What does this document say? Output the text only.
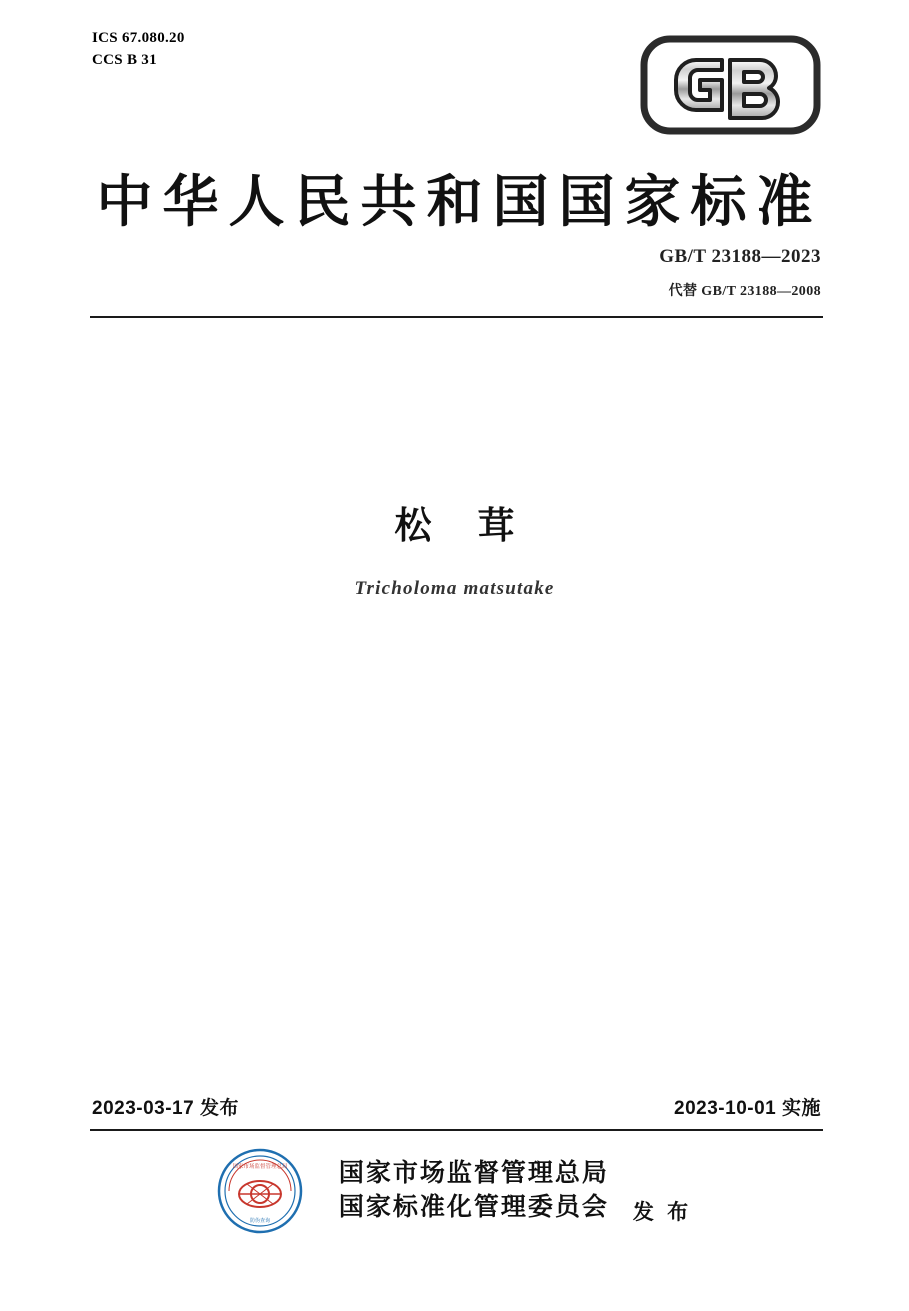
ICS 67.080.20
CCS B 31
中华人民共和国国家标准
GB/T 23188—2023
代替 GB/T 23188—2008
松茸
Tricholoma matsutake
2023-03-17 发布	2023-10-01 实施
国家市场监督管理总局
防伪查询
国家市场监督管理总局
国家标准化管理委员会 发 布
